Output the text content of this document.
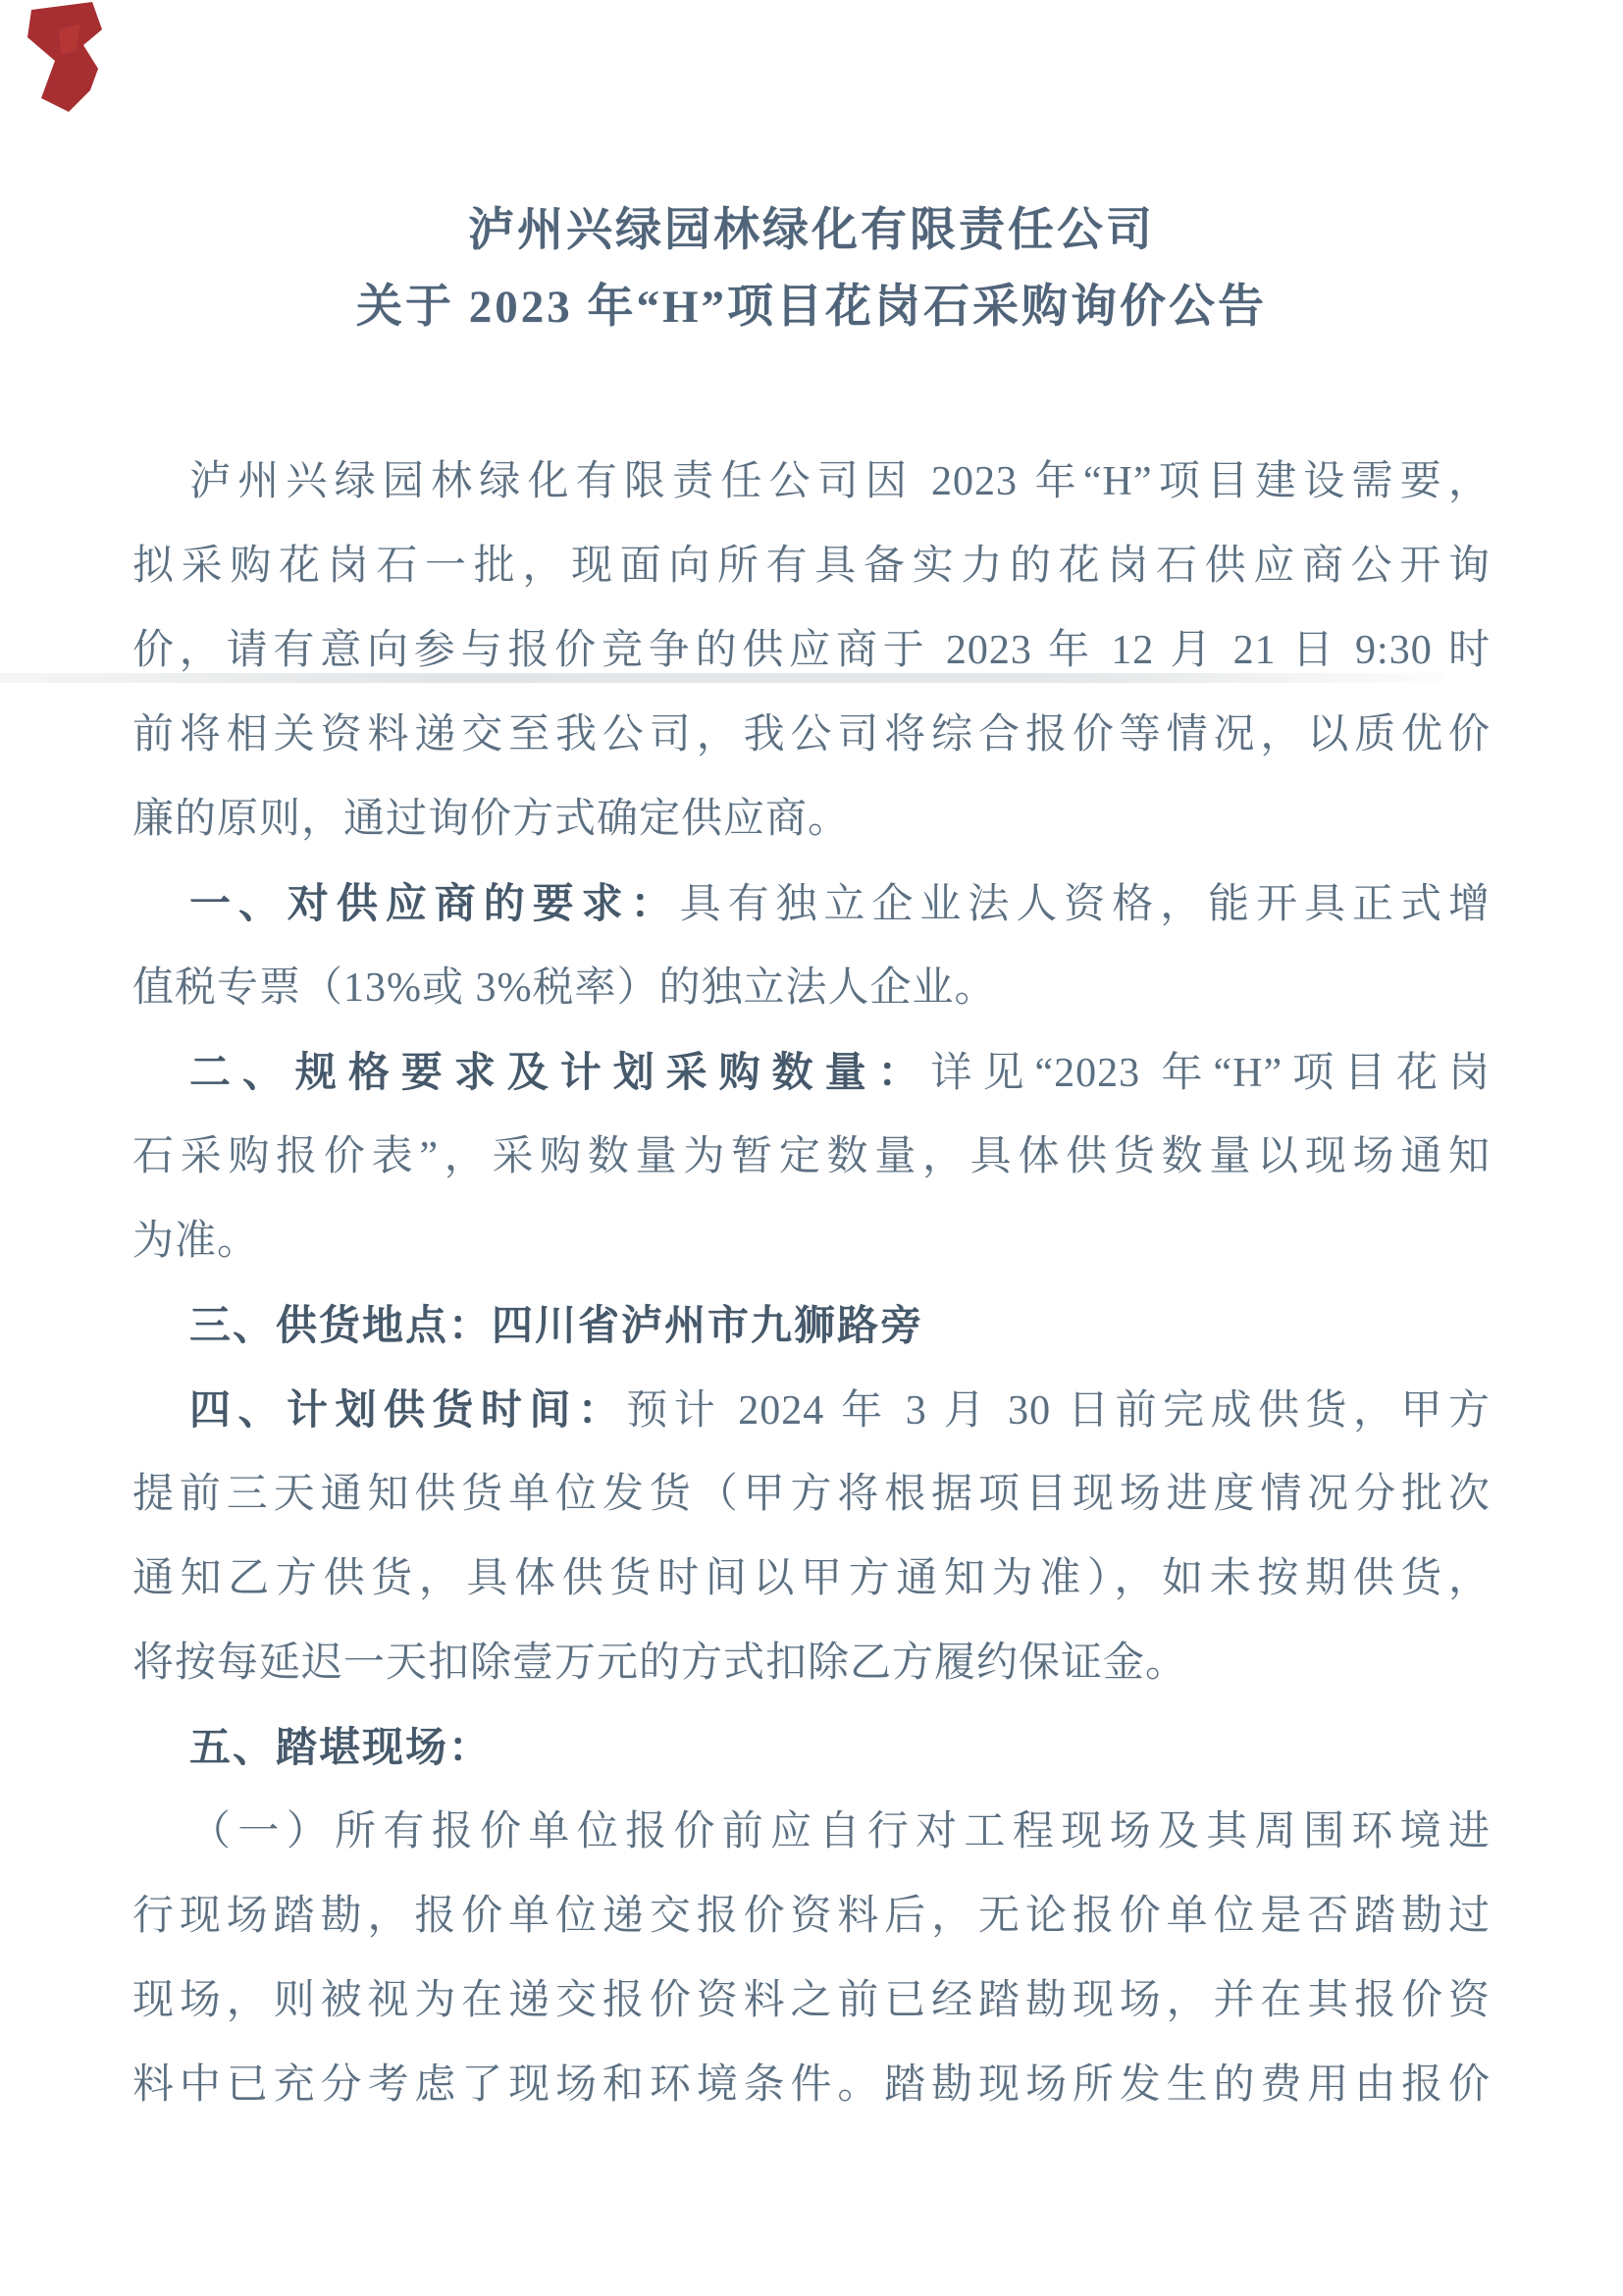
泸州兴绿园林绿化有限责任公司
关于 2023 年“H”项目花岗石采购询价公告
泸州兴绿园林绿化有限责任公司因 2023 年“H”项目建设需要，
拟采购花岗石一批，现面向所有具备实力的花岗石供应商公开询
价，请有意向参与报价竞争的供应商于 2023 年 12 月 21 日 9:30 时
前将相关资料递交至我公司，我公司将综合报价等情况，以质优价
廉的原则，通过询价方式确定供应商。
一、对供应商的要求：具有独立企业法人资格，能开具正式增
值税专票（13%或 3%税率）的独立法人企业。
二、规格要求及计划采购数量：详见“2023 年“H”项目花岗
石采购报价表”，采购数量为暂定数量，具体供货数量以现场通知
为准。
三、供货地点：四川省泸州市九狮路旁
四、计划供货时间：预计 2024 年 3 月 30 日前完成供货，甲方
提前三天通知供货单位发货（甲方将根据项目现场进度情况分批次
通知乙方供货，具体供货时间以甲方通知为准），如未按期供货，
将按每延迟一天扣除壹万元的方式扣除乙方履约保证金。
五、踏堪现场：
（一）所有报价单位报价前应自行对工程现场及其周围环境进
行现场踏勘，报价单位递交报价资料后，无论报价单位是否踏勘过
现场，则被视为在递交报价资料之前已经踏勘现场，并在其报价资
料中已充分考虑了现场和环境条件。踏勘现场所发生的费用由报价
